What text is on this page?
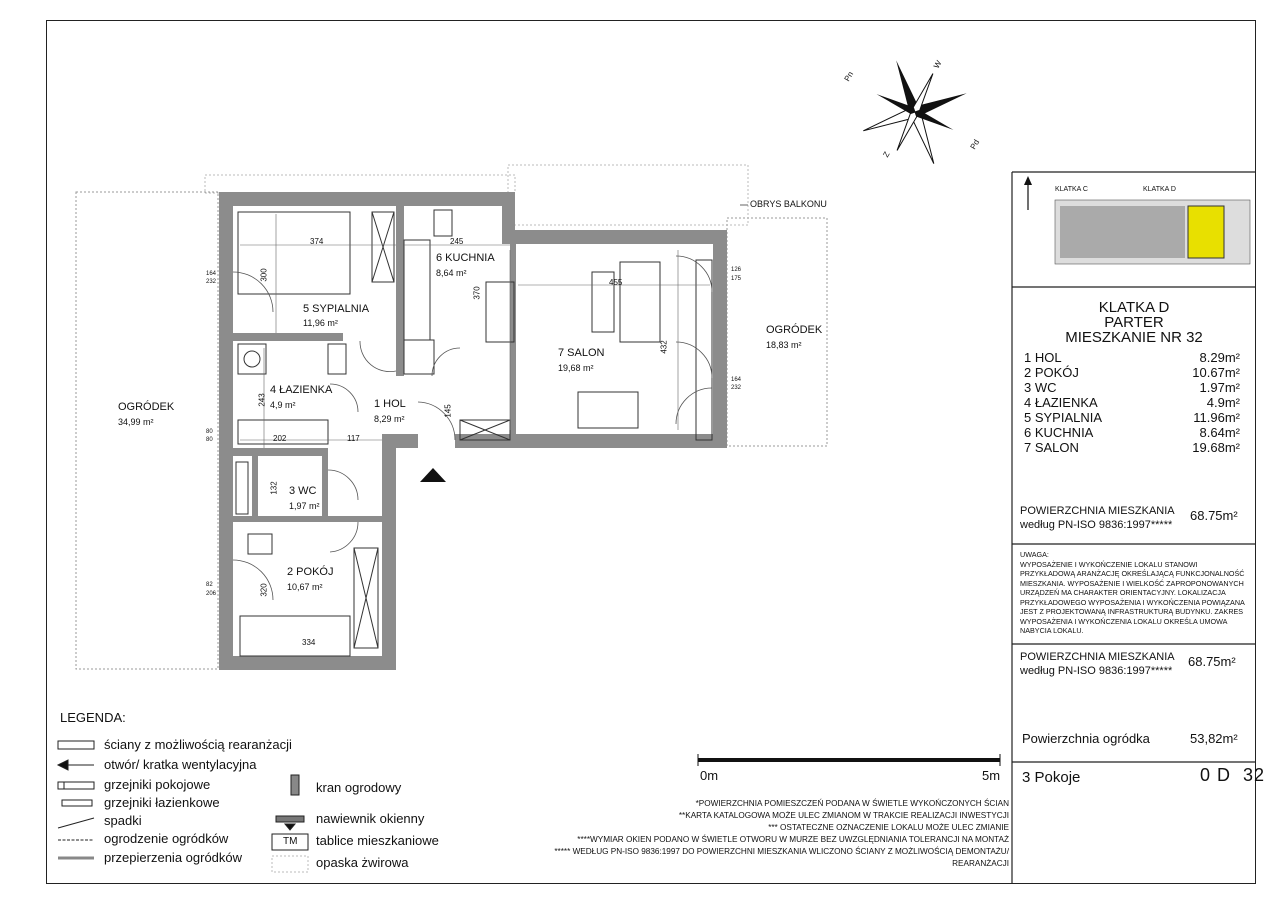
5 SYPIALNIA
11,96 m²
6 KUCHNIA
8,64 m²
7 SALON
19,68 m²
4 ŁAZIENKA
4,9 m²	1 HOL
8,29 m²
3 WC
1,97 m²
2 POKÓJ
10,67 m²
OGRÓDEK
34,99 m²
OGRÓDEK
18,83 m²
OBRYS BALKONU
374	245
455
300
370
432
243
202	117
145
132
320
334
164
232
80
80
82
206
126
175
164
232
Pn
W
Pd
Z
KLATKA C	KLATKA D
KLATKA D
PARTER
MIESZKANIE NR 32
1 HOL	8.29m²
2 POKÓJ	10.67m²
3 WC	1.97m²
4 ŁAZIENKA	4.9m²
5 SYPIALNIA	11.96m²
6 KUCHNIA	8.64m²
7 SALON	19.68m²
POWIERZCHNIA MIESZKANIA
według PN-ISO 9836:1997*****
68.75m²
UWAGA:
WYPOSAŻENIE I WYKOŃCZENIE LOKALU STANOWI
PRZYKŁADOWĄ ARANŻACJĘ OKREŚLAJĄCĄ FUNKCJONALNOŚĆ
MIESZKANIA. WYPOSAŻENIE I WIELKOŚĆ ZAPROPONOWANYCH
URZĄDZEŃ MA CHARAKTER ORIENTACYJNY. LOKALIZACJA
PRZYKŁADOWEGO WYPOSAŻENIA I WYKOŃCZENIA POWIĄZANA
JEST Z PROJEKTOWANĄ INFRASTRUKTURĄ BUDYNKU. ZAKRES
WYPOSAŻENIA I WYKOŃCZENIA LOKALU OKREŚLA UMOWA
NABYCIA LOKALU.
POWIERZCHNIA MIESZKANIA
według PN-ISO 9836:1997*****
68.75m²
Powierzchnia ogródka	53,82m²
3 Pokoje	0 D  32
0m	5m
LEGENDA:
ściany z możliwością rearanżacji
otwór/ kratka wentylacyjna
grzejniki pokojowe
grzejniki łazienkowe
spadki
ogrodzenie ogródków
przepierzenia ogródków
kran ogrodowy
nawiewnik okienny
tablice mieszkaniowe
opaska żwirowa
TM
*POWIERZCHNIA POMIESZCZEŃ PODANA W ŚWIETLE WYKOŃCZONYCH ŚCIAN
**KARTA KATALOGOWA MOŻE ULEC ZMIANOM W TRAKCIE REALIZACJI INWESTYCJI
*** OSTATECZNE OZNACZENIE LOKALU MOŻE ULEC ZMIANIE
****WYMIAR OKIEN PODANO W ŚWIETLE OTWORU W MURZE BEZ UWZGLĘDNIANIA TOLERANCJI NA MONTAŻ
***** WEDŁUG PN-ISO 9836:1997 DO POWIERZCHNI MIESZKANIA WLICZONO ŚCIANY Z MOŻLIWOŚCIĄ DEMONTAŻU/
REARANŻACJI
